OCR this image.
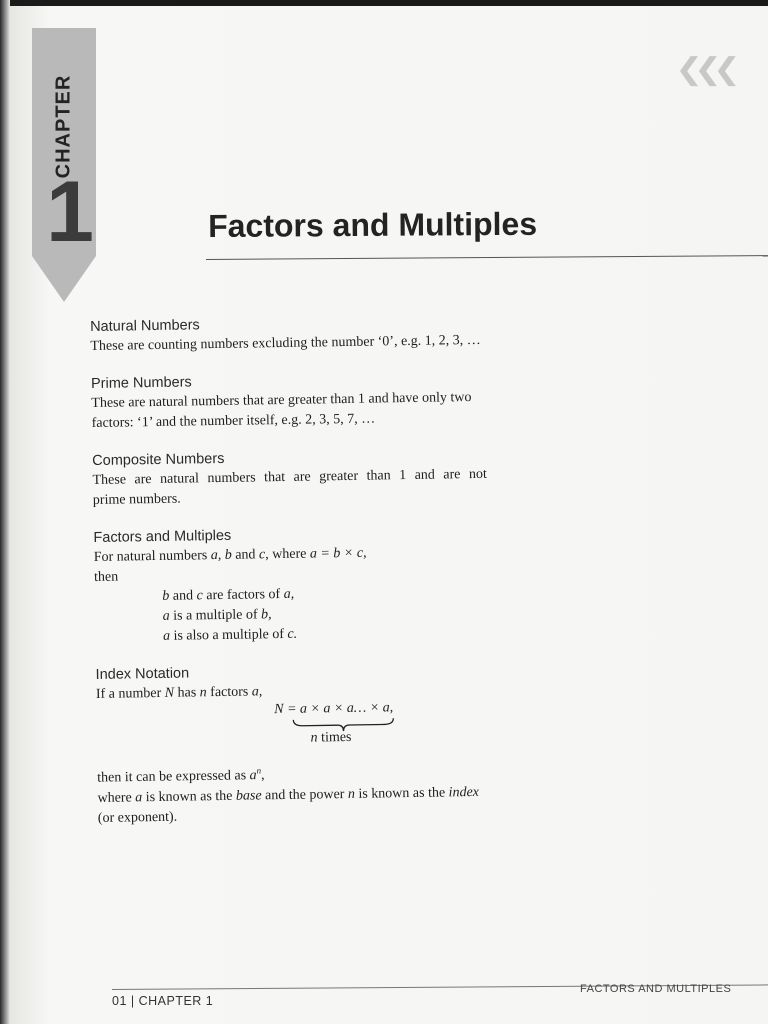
CHAPTER
1
❮❮❮
Factors and Multiples
Natural Numbers
These are counting numbers excluding the number ‘0’, e.g. 1, 2, 3, …
Prime Numbers
These are natural numbers that are greater than 1 and have only two
factors: ‘1’ and the number itself, e.g. 2, 3, 5, 7, …
Composite Numbers
These are natural numbers that are greater than 1 and are not
prime numbers.
Factors and Multiples
For natural numbers a, b and c, where a = b × c,
then
b and c are factors of a,
a is a multiple of b,
a is also a multiple of c.
Index Notation
If a number N has n factors a,
N = a × a × a… × a,
n times
then it can be expressed as $a^n$,
where a is known as the base and the power n is known as the index
(or exponent).
01 | CHAPTER 1
FACTORS AND MULTIPLES
